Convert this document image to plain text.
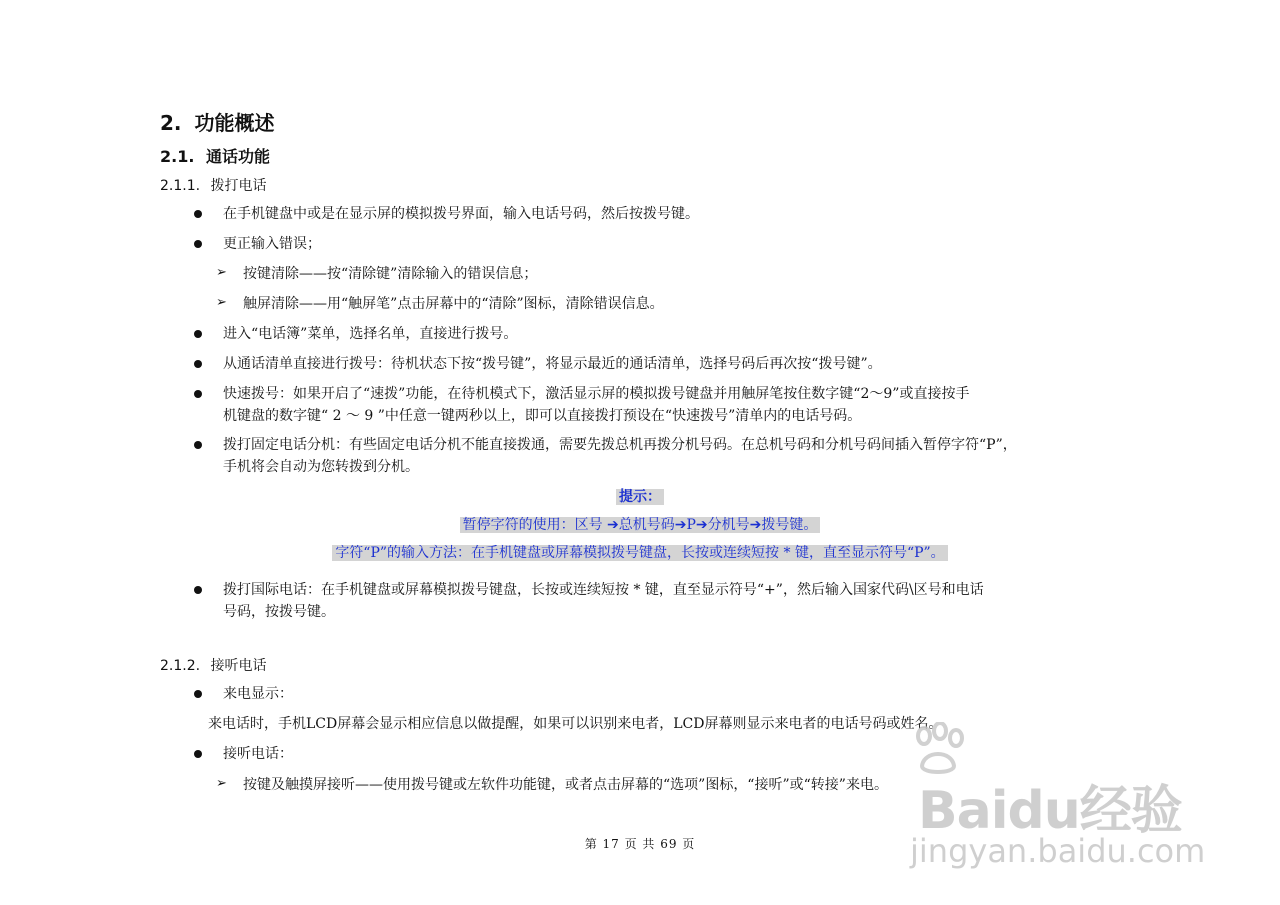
2. 功能概述
2.1. 通话功能
2.1.1. 拨打电话
在手机键盘中或是在显示屏的模拟拨号界面，输入电话号码，然后按拨号键。
更正输入错误；
➢ 按键清除——按“清除键”清除输入的错误信息；
➢ 触屏清除——用“触屏笔”点击屏幕中的“清除”图标，清除错误信息。
进入“电话簿”菜单，选择名单，直接进行拨号。
从通话清单直接进行拨号：待机状态下按“拨号键”，将显示最近的通话清单，选择号码后再次按“拨号键”。
快速拨号：如果开启了“速拨”功能，在待机模式下，激活显示屏的模拟拨号键盘并用触屏笔按住数字键“2～9”或直接按手
机键盘的数字键“ 2 ～ 9 ”中任意一键两秒以上，即可以直接拨打预设在“快速拨号”清单内的电话号码。
拨打固定电话分机：有些固定电话分机不能直接拨通，需要先拨总机再拨分机号码。在总机号码和分机号码间插入暂停字符“P”，
手机将会自动为您转拨到分机。
提示：
暂停字符的使用：区号 ➔总机号码➔P➔分机号➔拨号键。
字符“P”的输入方法：在手机键盘或屏幕模拟拨号键盘，长按或连续短按 * 键，直至显示符号“P”。
拨打国际电话：在手机键盘或屏幕模拟拨号键盘，长按或连续短按 * 键，直至显示符号“+”，然后输入国家代码\区号和电话
号码，按拨号键。
2.1.2. 接听电话
来电显示：
来电话时，手机LCD屏幕会显示相应信息以做提醒，如果可以识别来电者，LCD屏幕则显示来电者的电话号码或姓名。
接听电话：
➢ 按键及触摸屏接听——使用拨号键或左软件功能键，或者点击屏幕的“选项”图标，“接听”或“转接”来电。
第 17 页 共 69 页
Baidu经验
jingyan.baidu.com
